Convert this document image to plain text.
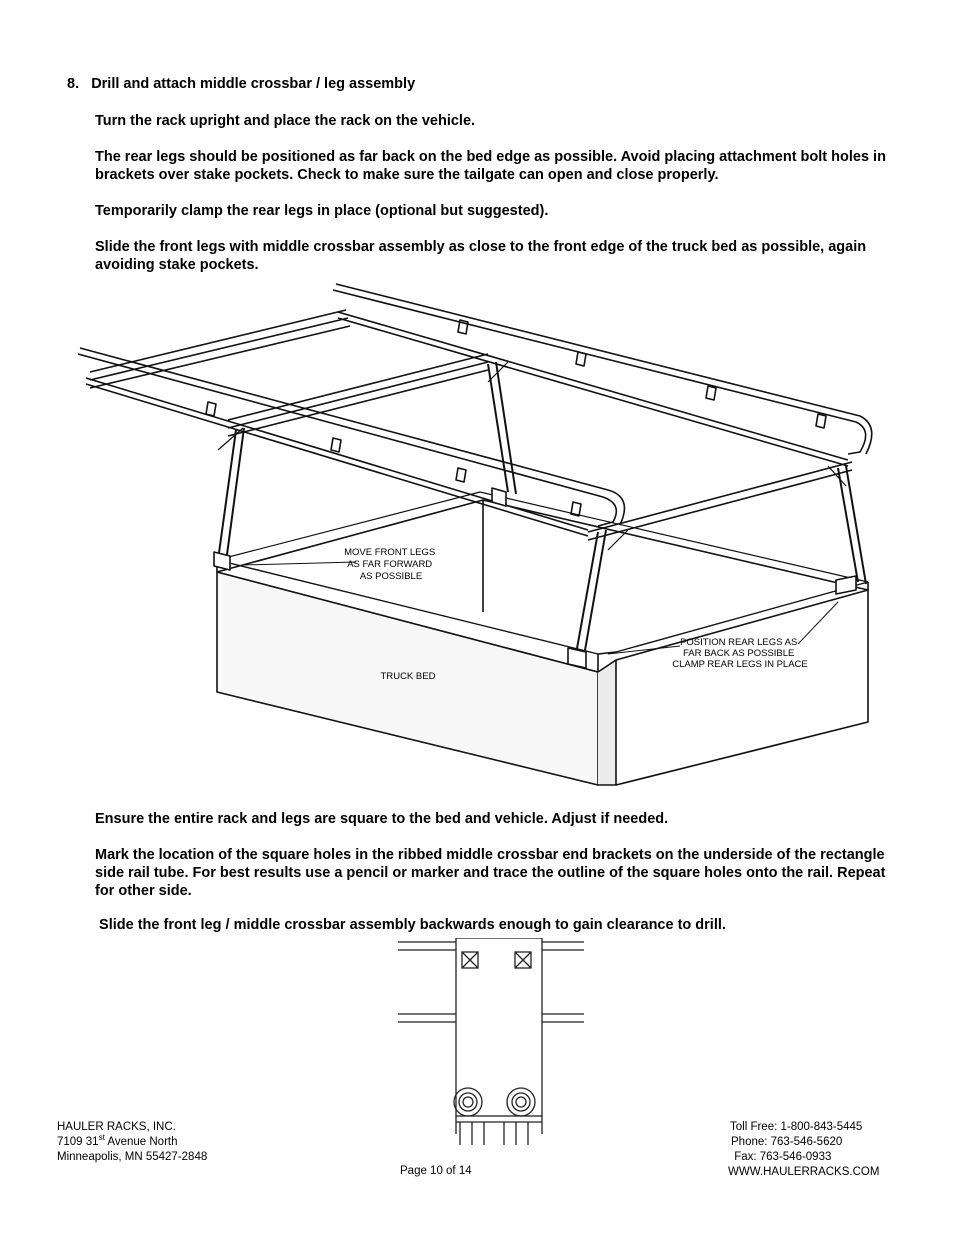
8. Drill and attach middle crossbar / leg assembly
Turn the rack upright and place the rack on the vehicle.
The rear legs should be positioned as far back on the bed edge as possible. Avoid placing attachment bolt holes in brackets over stake pockets. Check to make sure the tailgate can open and close properly.
Temporarily clamp the rear legs in place (optional but suggested).
Slide the front legs with middle crossbar assembly as close to the front edge of the truck bed as possible, again avoiding stake pockets.
MOVE FRONT LEGS AS FAR FORWARD AS POSSIBLE
POSITION REAR LEGS AS FAR BACK AS POSSIBLE CLAMP REAR LEGS IN PLACE
TRUCK BED
Ensure the entire rack and legs are square to the bed and vehicle. Adjust if needed.
Mark the location of the square holes in the ribbed middle crossbar end brackets on the underside of the rectangle side rail tube. For best results use a pencil or marker and trace the outline of the square holes onto the rail. Repeat for other side.
Slide the front leg / middle crossbar assembly backwards enough to gain clearance to drill.
HAULER RACKS, INC.
7109 31st Avenue North
Minneapolis, MN 55427-2848
Page 10 of 14
Toll Free: 1-800-843-5445
Phone: 763-546-5620
Fax: 763-546-0933
WWW.HAULERRACKS.COM
